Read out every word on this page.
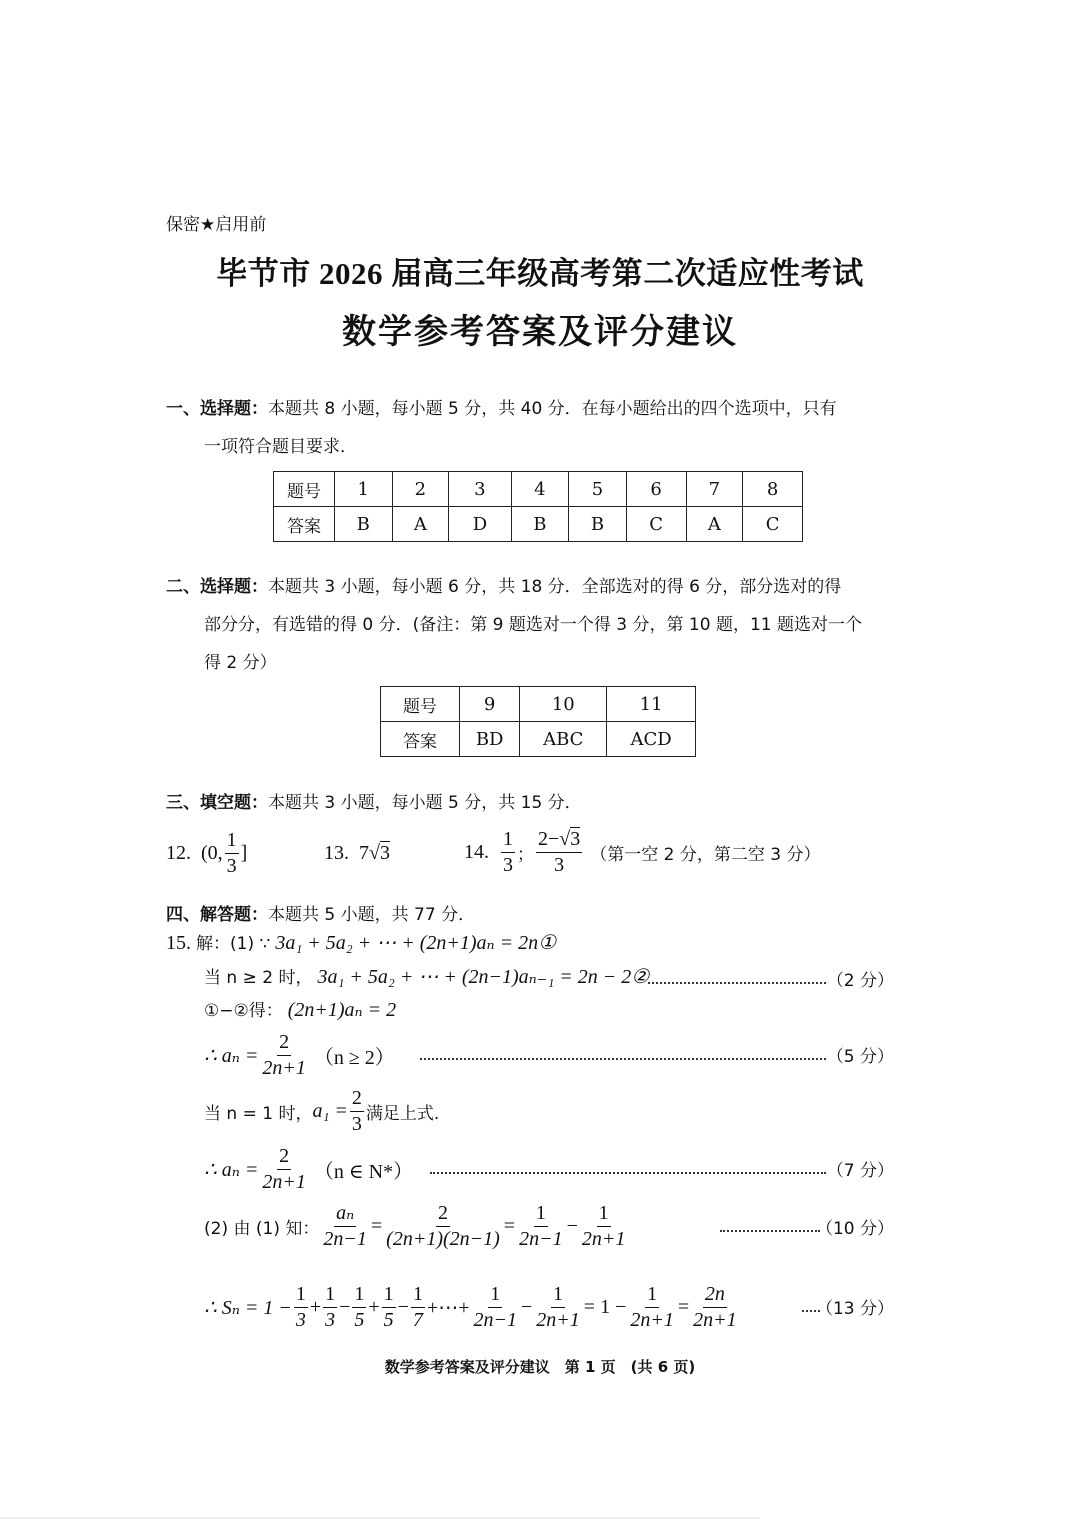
保密★启用前
毕节市 2026 届高三年级高考第二次适应性考试
数学参考答案及评分建议
一、选择题：本题共 8 小题，每小题 5 分，共 40 分．在每小题给出的四个选项中，只有
一项符合题目要求．
题号	1	2	3	4	5	6	7	8
答案	B	A	D	B	B	C	A	C
二、选择题：本题共 3 小题，每小题 6 分，共 18 分．全部选对的得 6 分，部分选对的得
部分分，有选错的得 0 分．(备注：第 9 题选对一个得 3 分，第 10 题，11 题选对一个
得 2 分）
题号	9	10	11
答案	BD	ABC	ACD
三、填空题：本题共 3 小题，每小题 5 分，共 15 分．
12.
(0, $\frac{1}{3}$ ]	13.
7 √ 3	14.
$\frac{1}{3}$ ； $\frac{2-√3}{3}$ （第一空 2 分，第二空 3 分）
四、解答题：本题共 5 小题，共 77 分．
15. 解：(1) ∵ 3a₁ + 5a₂ + ⋯ + (2n+1)aₙ = 2n①
当 n ≥ 2 时， 3a₁ + 5a₂ + ⋯ + (2n−1)aₙ₋₁ = 2n − 2②	（2 分）
①−②得： (2n+1)aₙ = 2
∴ $a_n = \frac{2}{2n+1} (n \ge 2)$	（5 分）
当 n = 1 时， $a_1 = \frac{2}{3}$ 满足上式.
∴ $a_n = \frac{2}{2n+1} (n$ ∈ N*）	（7 分）
(2) 由 (1) 知： $\frac{\text{aₙ}}{2n-1} = \frac{2}{(2n+1)(2n-1)} = \frac{1}{2n-1} - \frac{1}{2n+1}$	（10 分）
∴ $S_n = 1 - \frac{1}{3} + \frac{1}{3} - \frac{1}{5} + \frac{1}{5} - \frac{1}{7}$ +⋯+ $\frac{1}{2n-1} - \frac{1}{2n+1} = 1 - \frac{1}{2n+1} = \frac{2n}{2n+1}$	（13 分）
数学参考答案及评分建议　第 1 页　(共 6 页)
